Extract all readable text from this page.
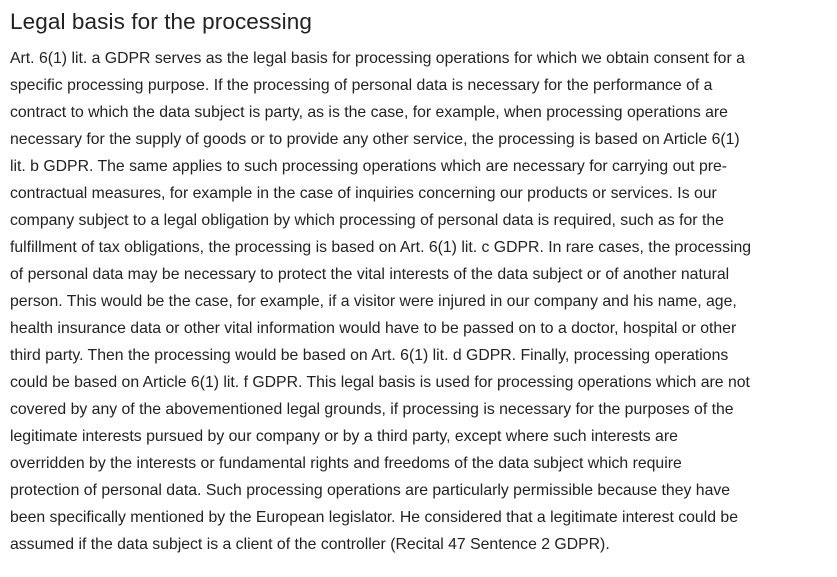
Legal basis for the processing

Art. 6(1) lit. a GDPR serves as the legal basis for processing operations for which we obtain consent for a
specific processing purpose. If the processing of personal data is necessary for the performance of a
contract to which the data subject is party, as is the case, for example, when processing operations are
necessary for the supply of goods or to provide any other service, the processing is based on Article 6(1)
lit. b GDPR. The same applies to such processing operations which are necessary for carrying out pre-
contractual measures, for example in the case of inquiries concerning our products or services. Is our
company subject to a legal obligation by which processing of personal data is required, such as for the
fulfillment of tax obligations, the processing is based on Art. 6(1) lit. c GDPR. In rare cases, the processing
of personal data may be necessary to protect the vital interests of the data subject or of another natural
person. This would be the case, for example, if a visitor were injured in our company and his name, age,
health insurance data or other vital information would have to be passed on to a doctor, hospital or other
third party. Then the processing would be based on Art. 6(1) lit. d GDPR. Finally, processing operations
could be based on Article 6(1) lit. f GDPR. This legal basis is used for processing operations which are not
covered by any of the abovementioned legal grounds, if processing is necessary for the purposes of the
legitimate interests pursued by our company or by a third party, except where such interests are
overridden by the interests or fundamental rights and freedoms of the data subject which require
protection of personal data. Such processing operations are particularly permissible because they have
been specifically mentioned by the European legislator. He considered that a legitimate interest could be
assumed if the data subject is a client of the controller (Recital 47 Sentence 2 GDPR).
